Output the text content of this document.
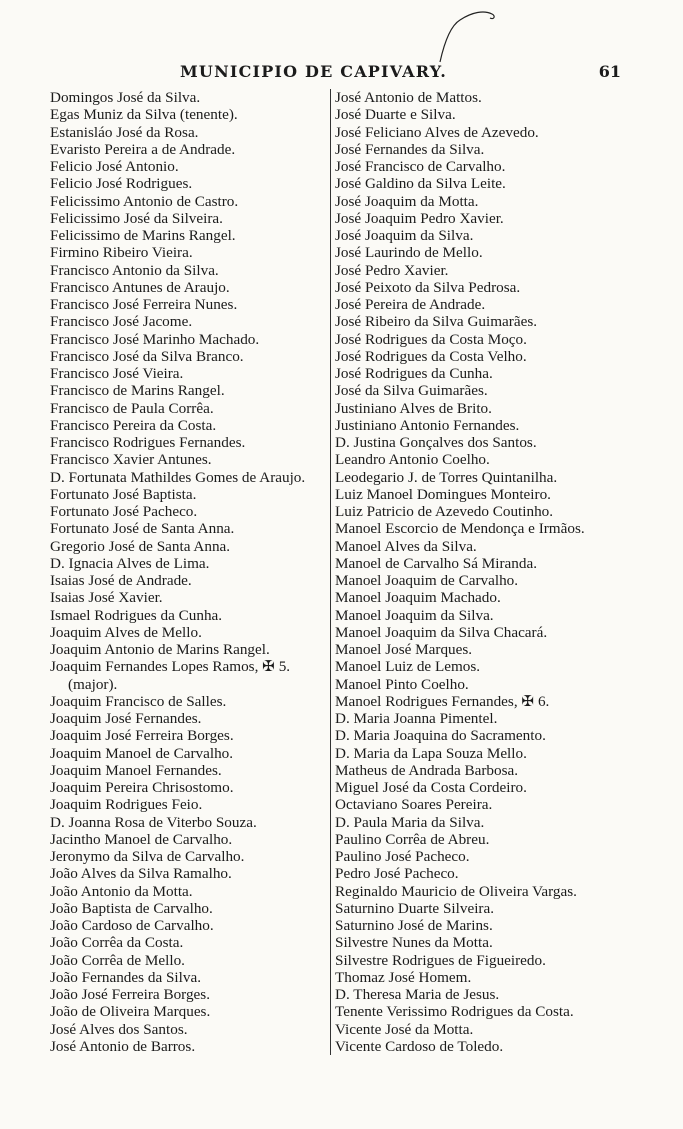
MUNICIPIO DE CAPIVARY.	61
Domingos José da Silva.
Egas Muniz da Silva (tenente).
Estanisláo José da Rosa.
Evaristo Pereira a de Andrade.
Felicio José Antonio.
Felicio José Rodrigues.
Felicissimo Antonio de Castro.
Felicissimo José da Silveira.
Felicissimo de Marins Rangel.
Firmino Ribeiro Vieira.
Francisco Antonio da Silva.
Francisco Antunes de Araujo.
Francisco José Ferreira Nunes.
Francisco José Jacome.
Francisco José Marinho Machado.
Francisco José da Silva Branco.
Francisco José Vieira.
Francisco de Marins Rangel.
Francisco de Paula Corrêa.
Francisco Pereira da Costa.
Francisco Rodrigues Fernandes.
Francisco Xavier Antunes.
D. Fortunata Mathildes Gomes de Araujo.
Fortunato José Baptista.
Fortunato José Pacheco.
Fortunato José de Santa Anna.
Gregorio José de Santa Anna.
D. Ignacia Alves de Lima.
Isaias José de Andrade.
Isaias José Xavier.
Ismael Rodrigues da Cunha.
Joaquim Alves de Mello.
Joaquim Antonio de Marins Rangel.
Joaquim Fernandes Lopes Ramos, ✠ 5.
(major).
Joaquim Francisco de Salles.
Joaquim José Fernandes.
Joaquim José Ferreira Borges.
Joaquim Manoel de Carvalho.
Joaquim Manoel Fernandes.
Joaquim Pereira Chrisostomo.
Joaquim Rodrigues Feio.
D. Joanna Rosa de Viterbo Souza.
Jacintho Manoel de Carvalho.
Jeronymo da Silva de Carvalho.
João Alves da Silva Ramalho.
João Antonio da Motta.
João Baptista de Carvalho.
João Cardoso de Carvalho.
João Corrêa da Costa.
João Corrêa de Mello.
João Fernandes da Silva.
João José Ferreira Borges.
João de Oliveira Marques.
José Alves dos Santos.
José Antonio de Barros.
José Antonio de Mattos.
José Duarte e Silva.
José Feliciano Alves de Azevedo.
José Fernandes da Silva.
José Francisco de Carvalho.
José Galdino da Silva Leite.
José Joaquim da Motta.
José Joaquim Pedro Xavier.
José Joaquim da Silva.
José Laurindo de Mello.
José Pedro Xavier.
José Peixoto da Silva Pedrosa.
José Pereira de Andrade.
José Ribeiro da Silva Guimarães.
José Rodrigues da Costa Moço.
José Rodrigues da Costa Velho.
José Rodrigues da Cunha.
José da Silva Guimarães.
Justiniano Alves de Brito.
Justiniano Antonio Fernandes.
D. Justina Gonçalves dos Santos.
Leandro Antonio Coelho.
Leodegario J. de Torres Quintanilha.
Luiz Manoel Domingues Monteiro.
Luiz Patricio de Azevedo Coutinho.
Manoel Escorcio de Mendonça e Irmãos.
Manoel Alves da Silva.
Manoel de Carvalho Sá Miranda.
Manoel Joaquim de Carvalho.
Manoel Joaquim Machado.
Manoel Joaquim da Silva.
Manoel Joaquim da Silva Chacará.
Manoel José Marques.
Manoel Luiz de Lemos.
Manoel Pinto Coelho.
Manoel Rodrigues Fernandes, ✠ 6.
D. Maria Joanna Pimentel.
D. Maria Joaquina do Sacramento.
D. Maria da Lapa Souza Mello.
Matheus de Andrada Barbosa.
Miguel José da Costa Cordeiro.
Octaviano Soares Pereira.
D. Paula Maria da Silva.
Paulino Corrêa de Abreu.
Paulino José Pacheco.
Pedro José Pacheco.
Reginaldo Mauricio de Oliveira Vargas.
Saturnino Duarte Silveira.
Saturnino José de Marins.
Silvestre Nunes da Motta.
Silvestre Rodrigues de Figueiredo.
Thomaz José Homem.
D. Theresa Maria de Jesus.
Tenente Verissimo Rodrigues da Costa.
Vicente José da Motta.
Vicente Cardoso de Toledo.
